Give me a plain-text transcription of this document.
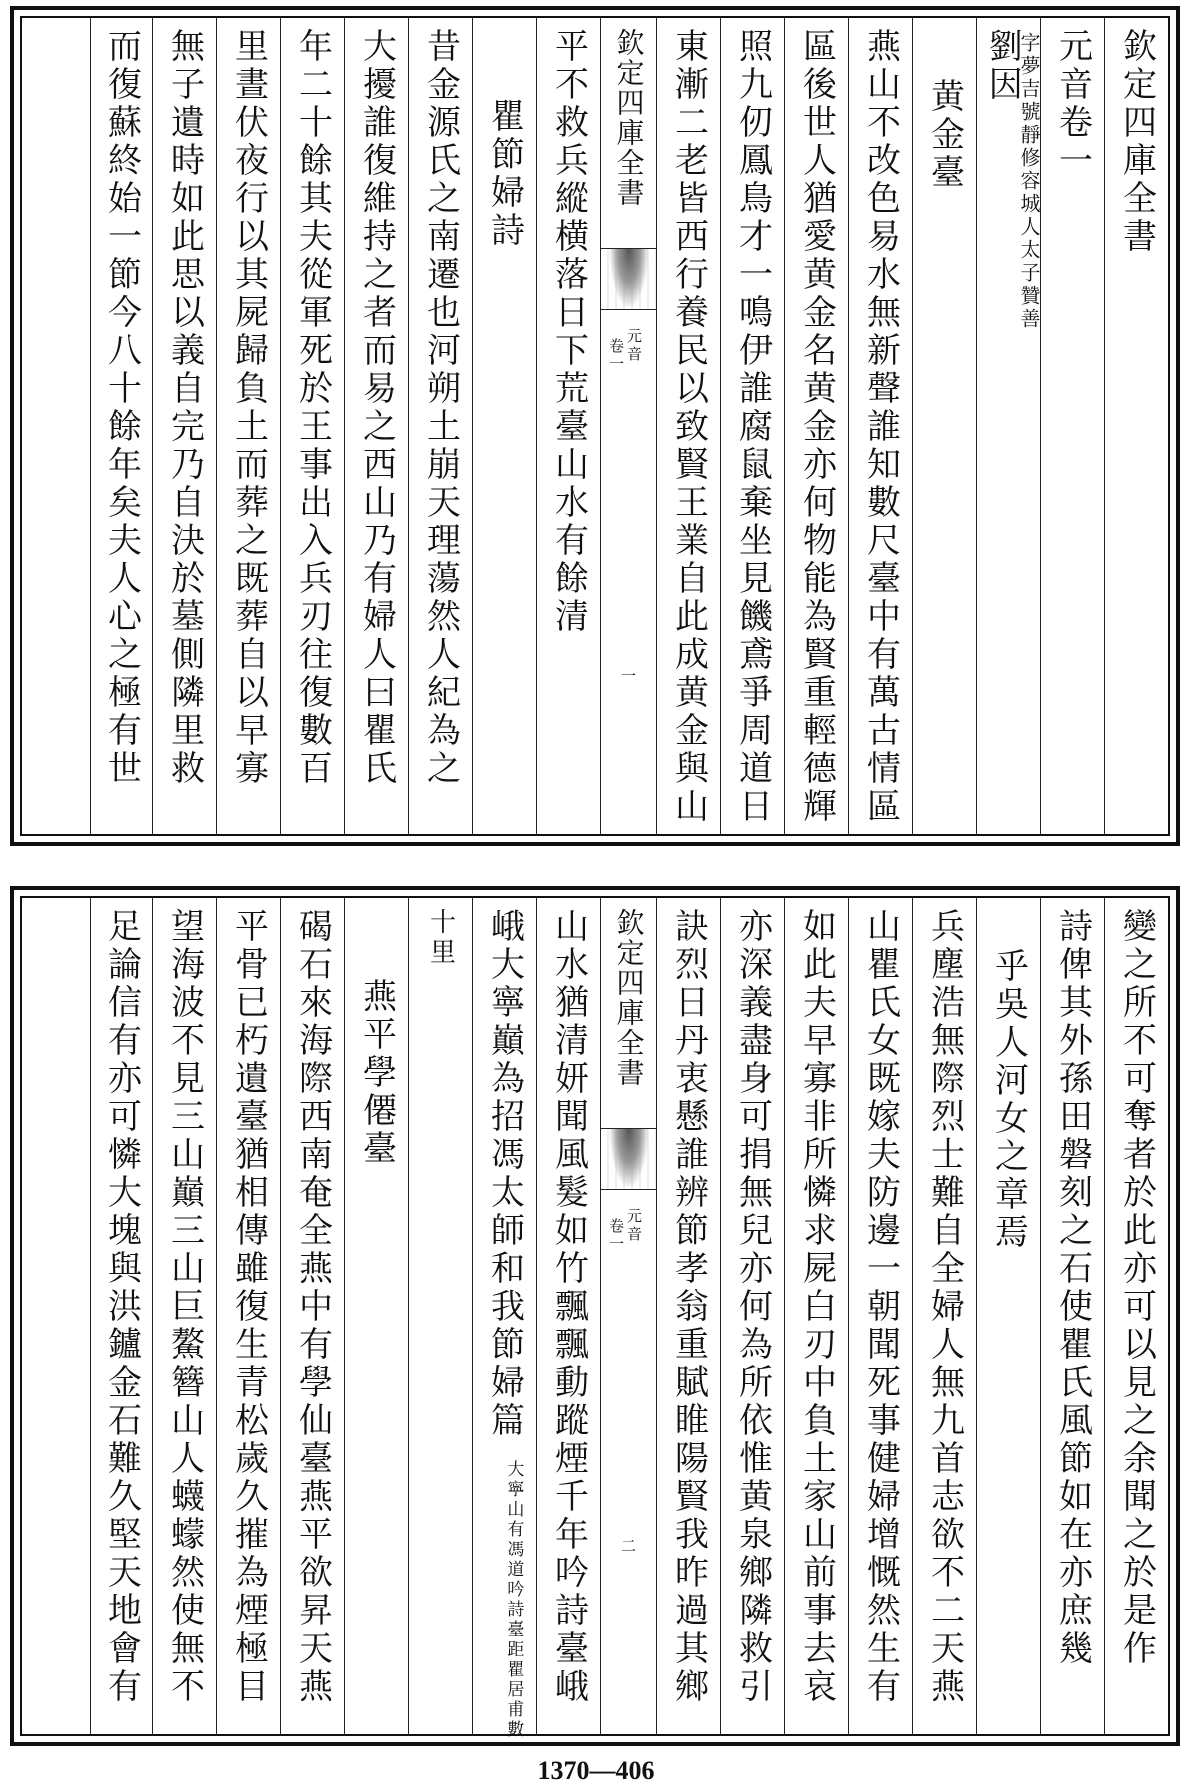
欽定四庫全書
元音卷一
劉因
字夢吉號靜修容城人太子贊善
黄金臺
燕山不改色易水無新聲誰知數尺臺中有萬古情區
區後世人猶愛黄金名黄金亦何物能為賢重輕德輝
照九仞鳳鳥才一鳴伊誰腐鼠棄坐見饑鳶爭周道日
東漸二老皆西行養民以致賢王業自此成黄金與山
欽定四庫全書
元音
卷一
一
平不救兵縱横落日下荒臺山水有餘清
瞿節婦詩
昔金源氏之南遷也河朔土崩天理蕩然人紀為之
大擾誰復維持之者而易之西山乃有婦人曰瞿氏
年二十餘其夫從軍死於王事出入兵刃往復數百
里晝伏夜行以其屍歸負土而葬之既葬自以早寡
無子遺時如此思以義自完乃自決於墓側隣里救
而復蘇終始一節今八十餘年矣夫人心之極有世
變之所不可奪者於此亦可以見之余聞之於是作
詩俾其外孫田磐刻之石使瞿氏風節如在亦庶幾
乎吳人河女之章焉
兵塵浩無際烈士難自全婦人無九首志欲不二天燕
山瞿氏女既嫁夫防邊一朝聞死事健婦增慨然生有
如此夫早寡非所憐求屍白刃中負土家山前事去哀
亦深義盡身可捐無兒亦何為所依惟黄泉鄉隣救引
訣烈日丹衷懸誰辨節孝翁重賦睢陽賢我昨過其鄉
欽定四庫全書
元音
卷一
二
山水猶清妍聞風髮如竹飄飄動蹤煙千年吟詩臺峨
峨大寧巔為招馮太師和我節婦篇
大寧山有馮道吟詩臺距瞿居甫數
十里
燕平學僊臺
碣石來海際西南奄全燕中有學仙臺燕平欲昇天燕
平骨已朽遺臺猶相傳雖復生青松歲久摧為煙極目
望海波不見三山巔三山巨鰲簪山人蠛蠓然使無不
足論信有亦可憐大塊與洪鑪金石難久堅天地會有
1370—406
